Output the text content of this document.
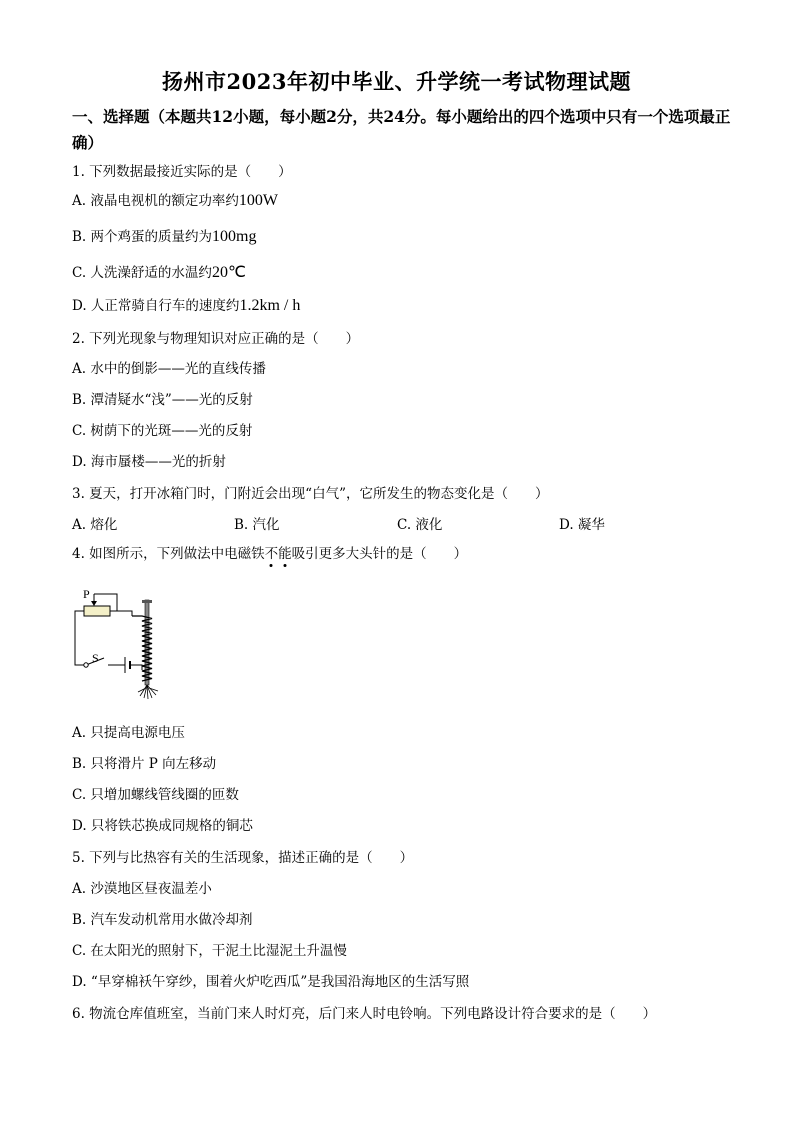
扬州市2023年初中毕业、升学统一考试物理试题
一、选择题（本题共12小题，每小题2分，共24分。每小题给出的四个选项中只有一个选项最正确）
1. 下列数据最接近实际的是（　　）
A. 液晶电视机的额定功率约100W
B. 两个鸡蛋的质量约为100mg
C. 人洗澡舒适的水温约20℃
D. 人正常骑自行车的速度约1.2km / h
2. 下列光现象与物理知识对应正确的是（　　）
A. 水中的倒影——光的直线传播
B. 潭清疑水“浅”——光的反射
C. 树荫下的光斑——光的反射
D. 海市蜃楼——光的折射
3. 夏天，打开冰箱门时，门附近会出现“白气”，它所发生的物态变化是（　　）
A. 熔化	B. 汽化	C. 液化	D. 凝华
4. 如图所示，下列做法中电磁铁不能吸引更多大头针的是（　　）
P
S
A. 只提高电源电压
B. 只将滑片 P 向左移动
C. 只增加螺线管线圈的匝数
D. 只将铁芯换成同规格的铜芯
5. 下列与比热容有关的生活现象，描述正确的是（　　）
A. 沙漠地区昼夜温差小
B. 汽车发动机常用水做冷却剂
C. 在太阳光的照射下，干泥土比湿泥土升温慢
D. “早穿棉袄午穿纱，围着火炉吃西瓜”是我国沿海地区的生活写照
6. 物流仓库值班室，当前门来人时灯亮，后门来人时电铃响。下列电路设计符合要求的是（　　）
